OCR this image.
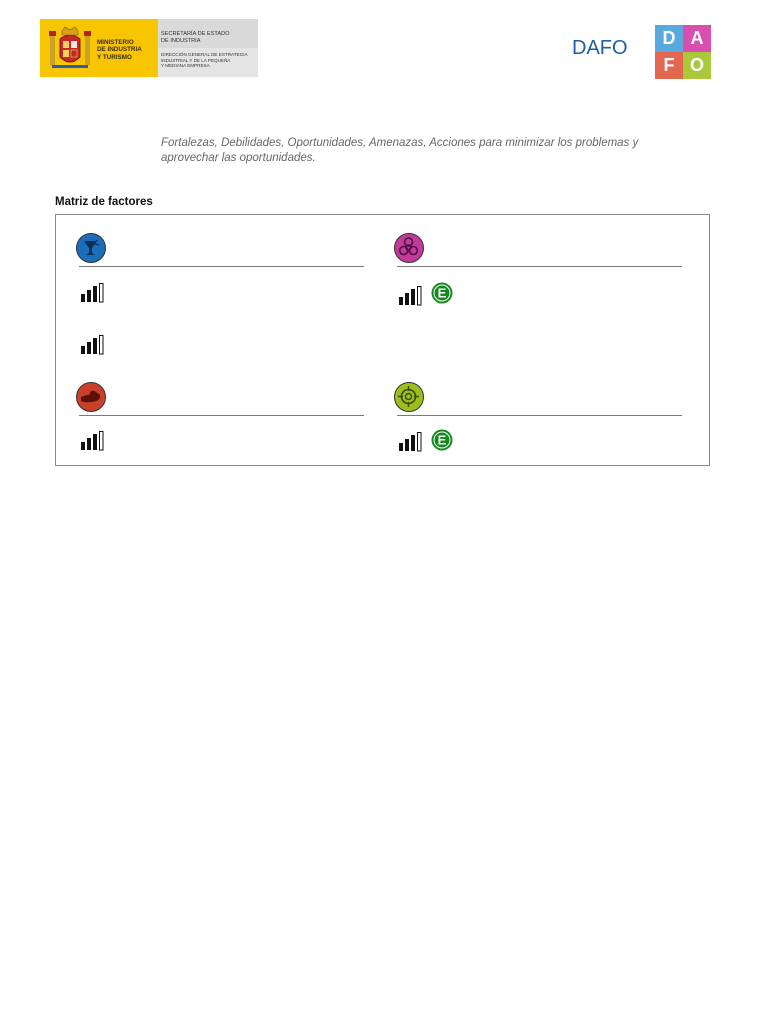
MINISTERIO
DE INDUSTRIA
Y TURISMO
SECRETARÍA DE ESTADO
DE INDUSTRIA
DIRECCIÓN GENERAL DE ESTRATEGIA
INDUSTRIAL Y DE LA PEQUEÑA
Y MEDIANA EMPRESA
DAFO	D A
F O
Fortalezas, Debilidades, Oportunidades, Amenazas, Acciones para minimizar los problemas y aprovechar las oportunidades.
Matriz de factores
E
E
